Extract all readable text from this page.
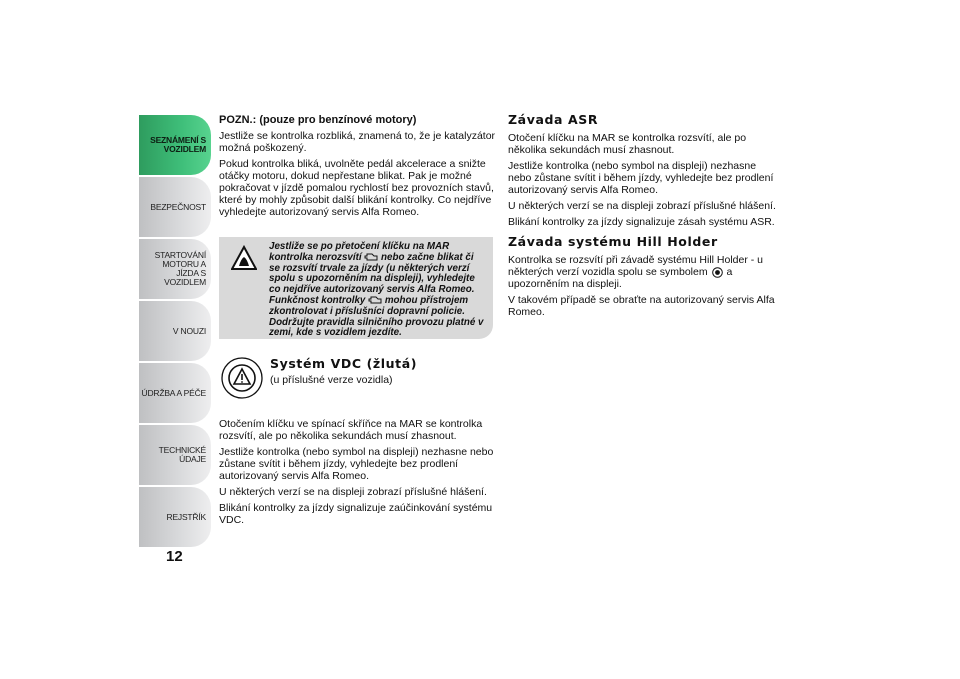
SEZNÁMENÍ S VOZIDLEM
BEZPEČNOST
STARTOVÁNÍ MOTORU A JÍZDA S VOZIDLEM
V NOUZI
ÚDRŽBA A PÉČE
TECHNICKÉ ÚDAJE
REJSTŘÍK
12

POZN.: (pouze pro benzínové motory)

Jestliže se kontrolka rozbliká, znamená to, že je katalyzátor možná poškozený.

Pokud kontrolka bliká, uvolněte pedál akcelerace a snižte otáčky motoru, dokud nepřestane blikat. Pak je možné pokračovat v jízdě pomalou rychlostí bez provozních stavů, které by mohly způsobit další blikání kontrolky. Co nejdříve vyhledejte autorizovaný servis Alfa Romeo.

Jestliže se po přetočení klíčku na MAR kontrolka nerozsvítí nebo začne blikat či se rozsvítí trvale za jízdy (u některých verzí spolu s upozorněním na displeji), vyhledejte co nejdříve autorizovaný servis Alfa Romeo. Funkčnost kontrolky mohou přístrojem zkontrolovat i příslušníci dopravní policie. Dodržujte pravidla silničního provozu platné v zemi, kde s vozidlem jezdíte.
Systém VDC (žlutá)

(u příslušné verze vozidla)

Otočením klíčku ve spínací skříňce na MAR se kontrolka rozsvítí, ale po několika sekundách musí zhasnout.

Jestliže kontrolka (nebo symbol na displeji) nezhasne nebo zůstane svítit i během jízdy, vyhledejte bez prodlení autorizovaný servis Alfa Romeo.

U některých verzí se na displeji zobrazí příslušné hlášení.

Blikání kontrolky za jízdy signalizuje zaúčinkování systému VDC.

Závada ASR

Otočení klíčku na MAR se kontrolka rozsvítí, ale po několika sekundách musí zhasnout.

Jestliže kontrolka (nebo symbol na displeji) nezhasne nebo zůstane svítit i během jízdy, vyhledejte bez prodlení autorizovaný servis Alfa Romeo.

U některých verzí se na displeji zobrazí příslušné hlášení.

Blikání kontrolky za jízdy signalizuje zásah systému ASR.

Závada systému Hill Holder

Kontrolka se rozsvítí při závadě systému Hill Holder - u některých verzí vozidla spolu se symbolem a upozorněním na displeji.

V takovém případě se obraťte na autorizovaný servis Alfa Romeo.
